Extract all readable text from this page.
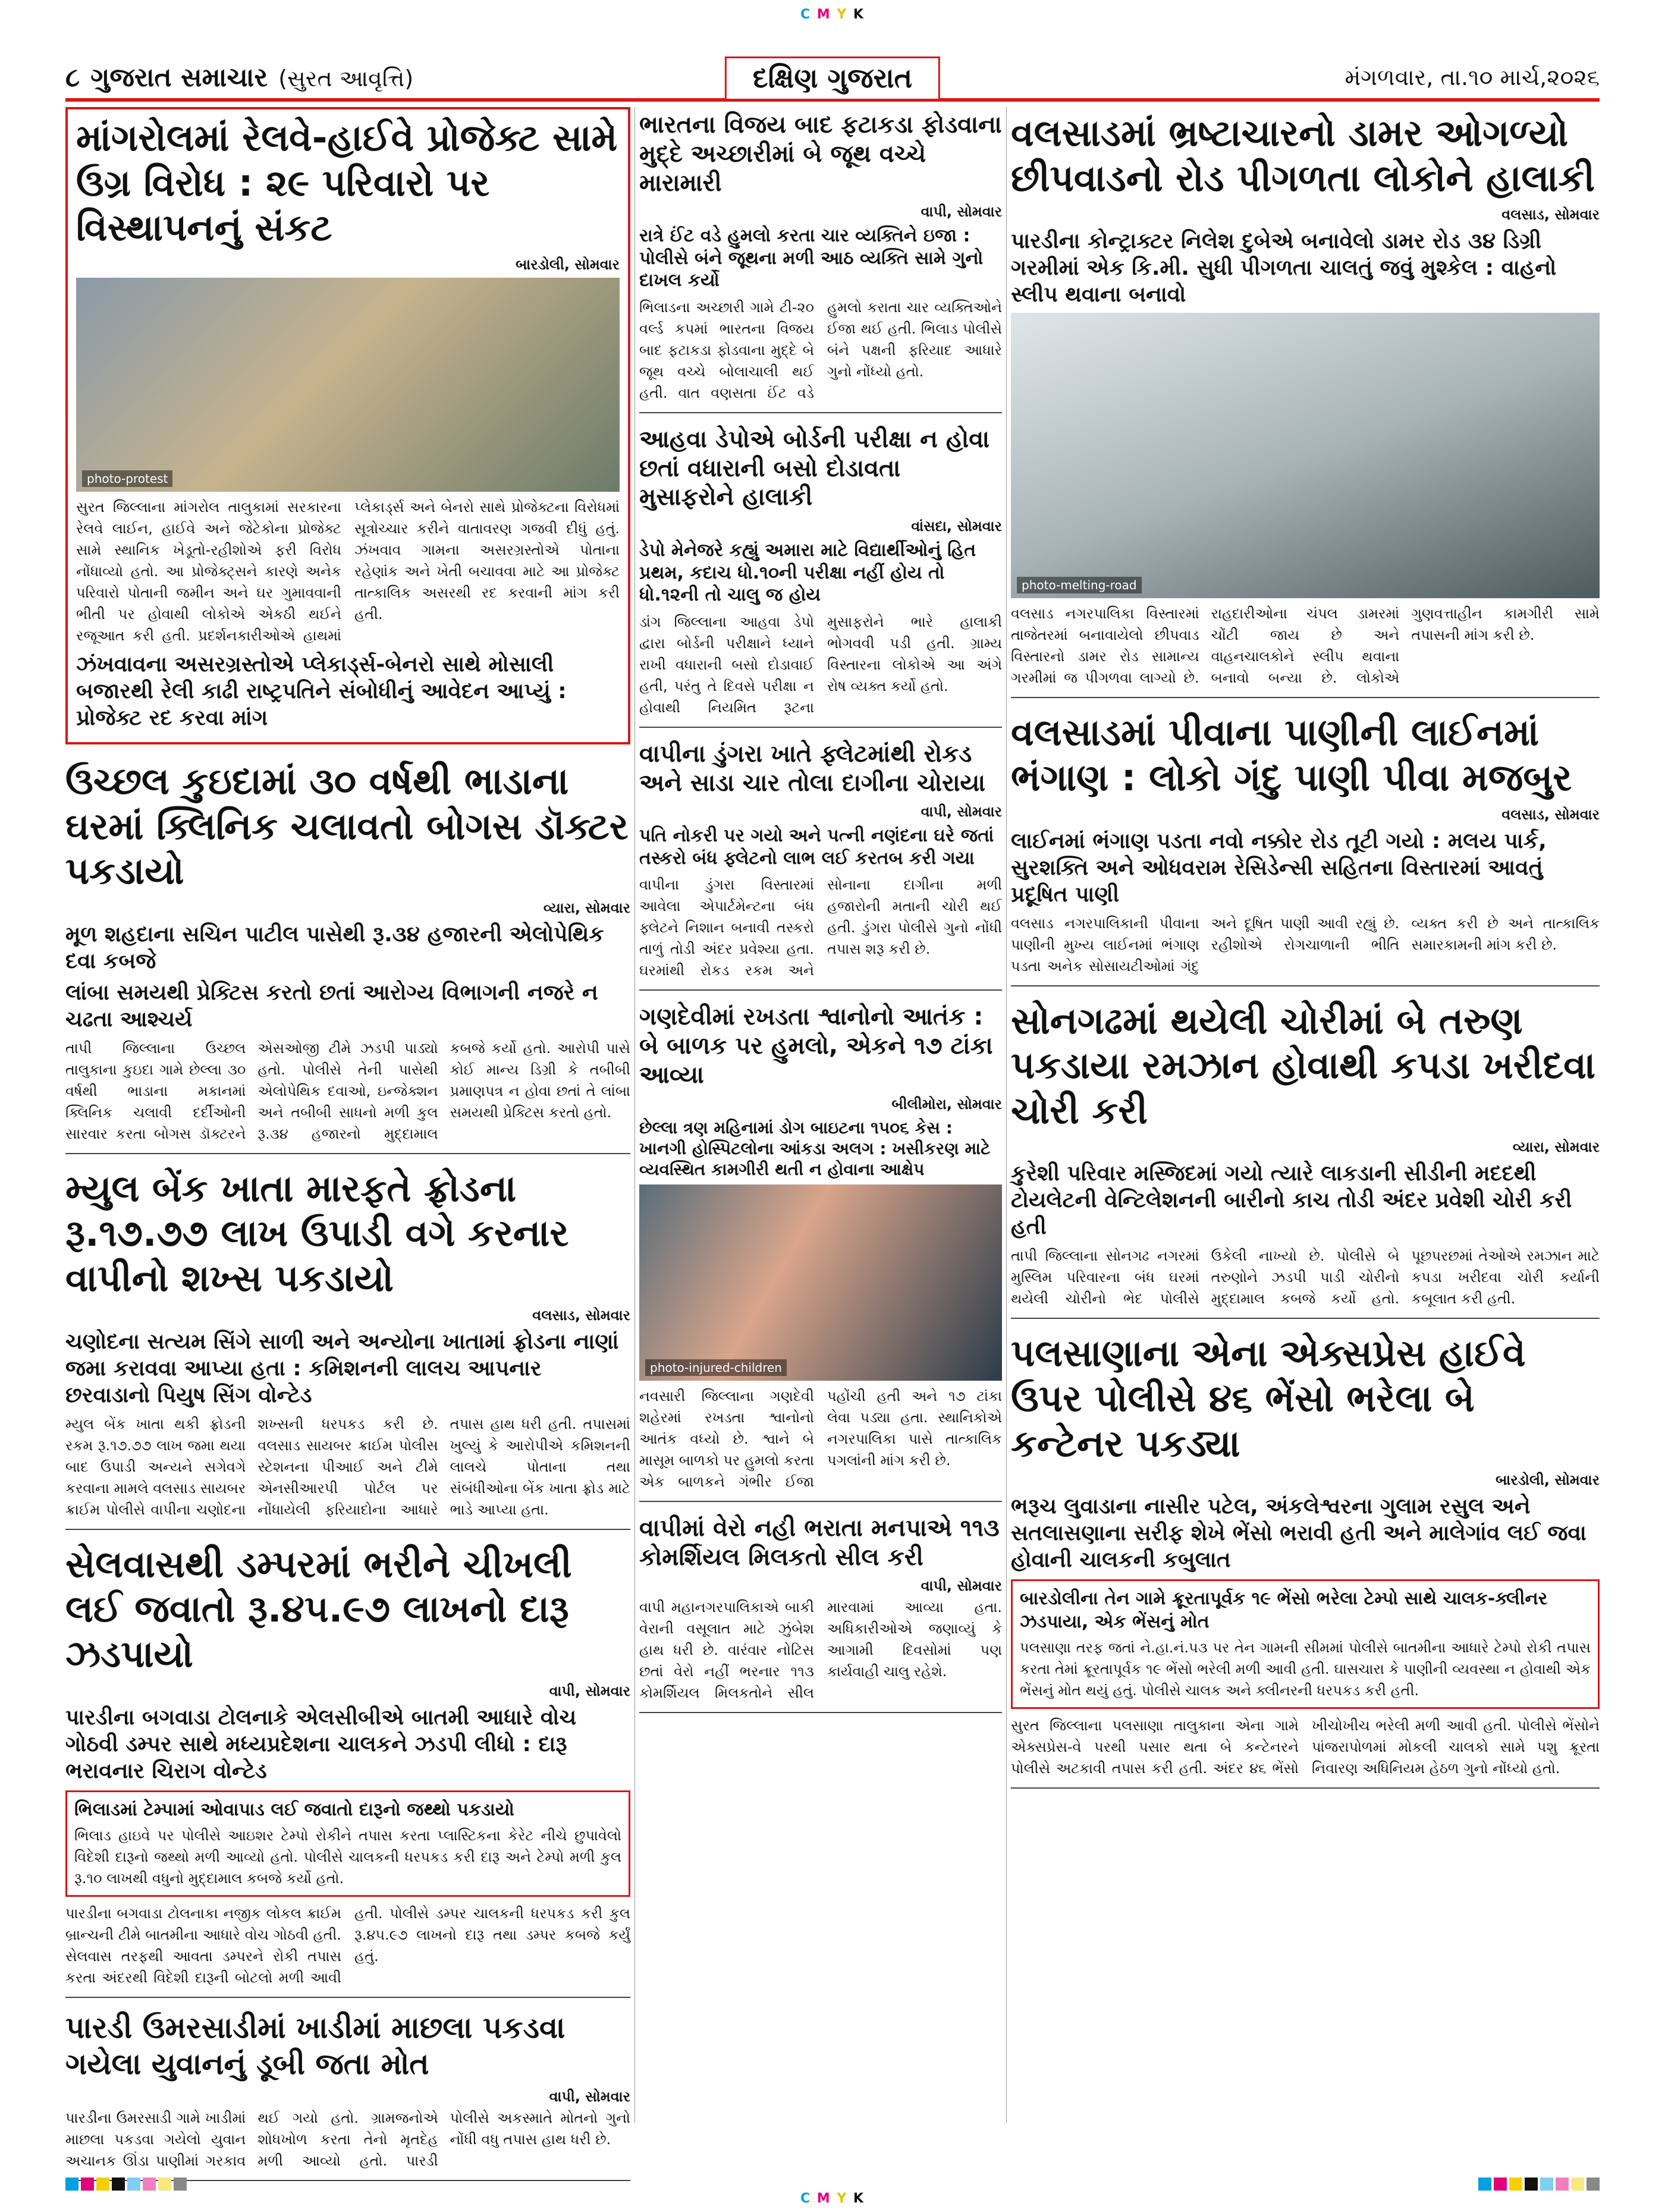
C M Y K
૮ ગુજરાત સમાચાર (સુરત આવૃત્તિ)	દક્ષિણ ગુજરાત	મંગળવાર, તા.૧૦ માર્ચ,૨૦૨૬
માંગરોલમાં રેલવે-હાઈવે પ્રોજેક્ટ સામે ઉગ્ર વિરોધ : ૨૯ પરિવારો પર વિસ્થાપનનું સંકટ
બારડોલી, સોમવાર
photo-protest
સુરત જિલ્લાના માંગરોલ તાલુકામાં સરકારના રેલવે લાઈન, હાઈવે અને જેટેકોના પ્રોજેક્ટ સામે સ્થાનિક ખેડૂતો-રહીશોએ ફરી વિરોધ નોંધાવ્યો હતો. આ પ્રોજેક્ટ્સને કારણે અનેક પરિવારો પોતાની જમીન અને ઘર ગુમાવવાની ભીતી પર હોવાથી લોકોએ એકઠી થઈને રજૂઆત કરી હતી. પ્રદર્શનકારીઓએ હાથમાં પ્લેકાર્ડ્સ અને બેનરો સાથે પ્રોજેક્ટના વિરોધમાં સૂત્રોચ્ચાર કરીને વાતાવરણ ગજવી દીધું હતું. ઝંખવાવ ગામના અસરગ્રસ્તોએ પોતાના રહેણાંક અને ખેતી બચાવવા માટે આ પ્રોજેક્ટ તાત્કાલિક અસરથી રદ કરવાની માંગ કરી હતી.
ઝંખવાવના અસરગ્રસ્તોએ પ્લેકાર્ડ્સ-બેનરો સાથે મોસાલી બજારથી રેલી કાઢી રાષ્ટ્રપતિને સંબોધીનું આવેદન આપ્યું : પ્રોજેક્ટ રદ કરવા માંગ
ઉચ્છલ કુઇદામાં ૩૦ વર્ષથી ભાડાના ઘરમાં ક્લિનિક ચલાવતો બોગસ ડૉક્ટર પકડાયો
વ્યારા, સોમવાર
મૂળ શહદાના સચિન પાટીલ પાસેથી રૂ.૩૪ હજારની એલોપેથિક દવા કબજે
લાંબા સમયથી પ્રેક્ટિસ કરતો છતાં આરોગ્ય વિભાગની નજરે ન ચઢતા આશ્ચર્ય
તાપી જિલ્લાના ઉચ્છલ તાલુકાના કુઇદા ગામે છેલ્લા ૩૦ વર્ષથી ભાડાના મકાનમાં ક્લિનિક ચલાવી દર્દીઓની સારવાર કરતા બોગસ ડૉક્ટરને એસઓજી ટીમે ઝડપી પાડ્યો હતો. પોલીસે તેની પાસેથી એલોપેથિક દવાઓ, ઇન્જેક્શન અને તબીબી સાધનો મળી કુલ રૂ.૩૪ હજારનો મુદ્દામાલ કબજે કર્યો હતો. આરોપી પાસે કોઈ માન્ય ડિગ્રી કે તબીબી પ્રમાણપત્ર ન હોવા છતાં તે લાંબા સમયથી પ્રેક્ટિસ કરતો હતો.
મ્યુલ બેંક ખાતા મારફતે ફ્રોડના રૂ.૧૭.૭૭ લાખ ઉપાડી વગે કરનાર વાપીનો શખ્સ પકડાયો
વલસાડ, સોમવાર
ચણોદના સત્યમ સિંગે સાળી અને અન્યોના ખાતામાં ફ્રોડના નાણાં જમા કરાવવા આપ્યા હતા : કમિશનની લાલચ આપનાર છરવાડાનો પિયુષ સિંગ વોન્ટેડ
મ્યુલ બેંક ખાતા થકી ફ્રોડની રકમ રૂ.૧૭.૭૭ લાખ જમા થયા બાદ ઉપાડી અન્યને સગેવગે કરવાના મામલે વલસાડ સાયબર ક્રાઈમ પોલીસે વાપીના ચણોદના શખ્સની ધરપકડ કરી છે. વલસાડ સાયબર ક્રાઈમ પોલીસ સ્ટેશનના પીઆઈ અને ટીમે એનસીઆરપી પોર્ટલ પર નોંધાયેલી ફરિયાદોના આધારે તપાસ હાથ ધરી હતી. તપાસમાં ખુલ્યું કે આરોપીએ કમિશનની લાલચે પોતાના તથા સંબંધીઓના બેંક ખાતા ફ્રોડ માટે ભાડે આપ્યા હતા.
સેલવાસથી ડમ્પરમાં ભરીને ચીખલી લઈ જવાતો રૂ.૪૫.૯૭ લાખનો દારૂ ઝડપાયો
વાપી, સોમવાર
પારડીના બગવાડા ટોલનાકે એલસીબીએ બાતમી આધારે વોચ ગોઠવી ડમ્પર સાથે મધ્યપ્રદેશના ચાલકને ઝડપી લીધો : દારૂ ભરાવનાર ચિરાગ વોન્ટેડ
ભિલાડમાં ટેમ્પામાં ઓવાપાડ લઈ જવાતો દારૂનો જથ્થો પકડાયો
ભિલાડ હાઇવે પર પોલીસે આઇશર ટેમ્પો રોકીને તપાસ કરતા પ્લાસ્ટિકના કેરેટ નીચે છુપાવેલો વિદેશી દારૂનો જથ્થો મળી આવ્યો હતો. પોલીસે ચાલકની ધરપકડ કરી દારૂ અને ટેમ્પો મળી કુલ રૂ.૧૦ લાખથી વધુનો મુદ્દામાલ કબજે કર્યો હતો.
પારડીના બગવાડા ટોલનાકા નજીક લોકલ ક્રાઈમ બ્રાન્ચની ટીમે બાતમીના આધારે વોચ ગોઠવી હતી. સેલવાસ તરફથી આવતા ડમ્પરને રોકી તપાસ કરતા અંદરથી વિદેશી દારૂની બોટલો મળી આવી હતી. પોલીસે ડમ્પર ચાલકની ધરપકડ કરી કુલ રૂ.૪૫.૯૭ લાખનો દારૂ તથા ડમ્પર કબજે કર્યું હતું.
પારડી ઉમરસાડીમાં ખાડીમાં માછલા પકડવા ગયેલા યુવાનનું ડૂબી જતા મોત
વાપી, સોમવાર
પારડીના ઉમરસાડી ગામે ખાડીમાં માછલા પકડવા ગયેલો યુવાન અચાનક ઊંડા પાણીમાં ગરકાવ થઈ ગયો હતો. ગ્રામજનોએ શોધખોળ કરતા તેનો મૃતદેહ મળી આવ્યો હતો. પારડી પોલીસે અકસ્માતે મોતનો ગુનો નોંધી વધુ તપાસ હાથ ધરી છે.
ભારતના વિજય બાદ ફટાકડા ફોડવાના મુદ્દે અચ્છારીમાં બે જૂથ વચ્ચે મારામારી
વાપી, સોમવાર
રાત્રે ઈંટ વડે હુમલો કરતા ચાર વ્યક્તિને ઇજા : પોલીસે બંને જૂથના મળી આઠ વ્યક્તિ સામે ગુનો દાખલ કર્યો
ભિલાડના અચ્છારી ગામે ટી-૨૦ વર્લ્ડ કપમાં ભારતના વિજય બાદ ફટાકડા ફોડવાના મુદ્દે બે જૂથ વચ્ચે બોલાચાલી થઈ હતી. વાત વણસતા ઈંટ વડે હુમલો કરાતા ચાર વ્યક્તિઓને ઈજા થઈ હતી. ભિલાડ પોલીસે બંને પક્ષની ફરિયાદ આધારે ગુનો નોંધ્યો હતો.
આહવા ડેપોએ બોર્ડની પરીક્ષા ન હોવા છતાં વધારાની બસો દોડાવતા મુસાફરોને હાલાકી
વાંસદા, સોમવાર
ડેપો મેનેજરે કહ્યું અમારા માટે વિદ્યાર્થીઓનું હિત પ્રથમ, કદાચ ધો.૧૦ની પરીક્ષા નહીં હોય તો ધો.૧૨ની તો ચાલુ જ હોય
ડાંગ જિલ્લાના આહવા ડેપો દ્વારા બોર્ડની પરીક્ષાને ધ્યાને રાખી વધારાની બસો દોડાવાઈ હતી, પરંતુ તે દિવસે પરીક્ષા ન હોવાથી નિયમિત રૂટના મુસાફરોને ભારે હાલાકી ભોગવવી પડી હતી. ગ્રામ્ય વિસ્તારના લોકોએ આ અંગે રોષ વ્યક્ત કર્યો હતો.
વાપીના ડુંગરા ખાતે ફ્લેટમાંથી રોકડ અને સાડા ચાર તોલા દાગીના ચોરાયા
વાપી, સોમવાર
પતિ નોકરી પર ગયો અને પત્ની નણંદના ઘરે જતાં તસ્કરો બંધ ફ્લેટનો લાભ લઈ કરતબ કરી ગયા
વાપીના ડુંગરા વિસ્તારમાં આવેલા એપાર્ટમેન્ટના બંધ ફ્લેટને નિશાન બનાવી તસ્કરો તાળું તોડી અંદર પ્રવેશ્યા હતા. ઘરમાંથી રોકડ રકમ અને સોનાના દાગીના મળી હજારોની મતાની ચોરી થઈ હતી. ડુંગરા પોલીસે ગુનો નોંધી તપાસ શરૂ કરી છે.
ગણદેવીમાં રખડતા શ્વાનોનો આતંક : બે બાળક પર હુમલો, એકને ૧૭ ટાંકા આવ્યા
બીલીમોરા, સોમવાર
છેલ્લા ત્રણ મહિનામાં ડોગ બાઇટના ૧૫૦૬ કેસ : ખાનગી હોસ્પિટલોના આંકડા અલગ : ખસીકરણ માટે વ્યવસ્થિત કામગીરી થતી ન હોવાના આક્ષેપ
photo-injured-children
નવસારી જિલ્લાના ગણદેવી શહેરમાં રખડતા શ્વાનોનો આતંક વધ્યો છે. શ્વાને બે માસૂમ બાળકો પર હુમલો કરતા એક બાળકને ગંભીર ઈજા પહોંચી હતી અને ૧૭ ટાંકા લેવા પડ્યા હતા. સ્થાનિકોએ નગરપાલિકા પાસે તાત્કાલિક પગલાંની માંગ કરી છે.
વાપીમાં વેરો નહી ભરાતા મનપાએ ૧૧૩ કોમર્શિયલ મિલકતો સીલ કરી
વાપી, સોમવાર
વાપી મહાનગરપાલિકાએ બાકી વેરાની વસૂલાત માટે ઝુંબેશ હાથ ધરી છે. વારંવાર નોટિસ છતાં વેરો નહીં ભરનાર ૧૧૩ કોમર્શિયલ મિલકતોને સીલ મારવામાં આવ્યા હતા. અધિકારીઓએ જણાવ્યું કે આગામી દિવસોમાં પણ કાર્યવાહી ચાલુ રહેશે.
વલસાડમાં ભ્રષ્ટાચારનો ડામર ઓગળ્યો છીપવાડનો રોડ પીગળતા લોકોને હાલાકી
વલસાડ, સોમવાર
પારડીના કોન્ટ્રાક્ટર નિલેશ દુબેએ બનાવેલો ડામર રોડ ૩૪ ડિગ્રી ગરમીમાં એક કિ.મી. સુધી પીગળતા ચાલતું જવું મુશ્કેલ : વાહનો સ્લીપ થવાના બનાવો
photo-melting-road
વલસાડ નગરપાલિકા વિસ્તારમાં તાજેતરમાં બનાવાયેલો છીપવાડ વિસ્તારનો ડામર રોડ સામાન્ય ગરમીમાં જ પીગળવા લાગ્યો છે. રાહદારીઓના ચંપલ ડામરમાં ચોંટી જાય છે અને વાહનચાલકોને સ્લીપ થવાના બનાવો બન્યા છે. લોકોએ ગુણવત્તાહીન કામગીરી સામે તપાસની માંગ કરી છે.
વલસાડમાં પીવાના પાણીની લાઈનમાં ભંગાણ : લોકો ગંદુ પાણી પીવા મજબુર
વલસાડ, સોમવાર
લાઈનમાં ભંગાણ પડતા નવો નક્કોર રોડ તૂટી ગયો : મલય પાર્ક, સુરશક્તિ અને ઓધવરામ રેસિડેન્સી સહિતના વિસ્તારમાં આવતું પ્રદૂષિત પાણી
વલસાડ નગરપાલિકાની પીવાના પાણીની મુખ્ય લાઈનમાં ભંગાણ પડતા અનેક સોસાયટીઓમાં ગંદુ અને દૂષિત પાણી આવી રહ્યું છે. રહીશોએ રોગચાળાની ભીતિ વ્યક્ત કરી છે અને તાત્કાલિક સમારકામની માંગ કરી છે.
સોનગઢમાં થયેલી ચોરીમાં બે તરુણ પકડાયા રમઝાન હોવાથી કપડા ખરીદવા ચોરી કરી
વ્યારા, સોમવાર
કુરેશી પરિવાર મસ્જિદમાં ગયો ત્યારે લાકડાની સીડીની મદદથી ટોયલેટની વેન્ટિલેશનની બારીનો કાચ તોડી અંદર પ્રવેશી ચોરી કરી હતી
તાપી જિલ્લાના સોનગઢ નગરમાં મુસ્લિમ પરિવારના બંધ ઘરમાં થયેલી ચોરીનો ભેદ પોલીસે ઉકેલી નાખ્યો છે. પોલીસે બે તરુણોને ઝડપી પાડી ચોરીનો મુદ્દામાલ કબજે કર્યો હતો. પૂછપરછમાં તેઓએ રમઝાન માટે કપડા ખરીદવા ચોરી કર્યાની કબૂલાત કરી હતી.
પલસાણાના એના એક્સપ્રેસ હાઈવે ઉપર પોલીસે ૪૬ ભેંસો ભરેલા બે કન્ટેનર પકડ્યા
બારડોલી, સોમવાર
ભરૂચ લુવાડાના નાસીર પટેલ, અંકલેશ્વરના ગુલામ રસુલ અને સતલાસણાના સરીફ શેખે ભેંસો ભરાવી હતી અને માલેગાંવ લઈ જવા હોવાની ચાલકની કબુલાત
બારડોલીના તેન ગામે ક્રૂરતાપૂર્વક ૧૯ ભેંસો ભરેલા ટેમ્પો સાથે ચાલક-ક્લીનર ઝડપાયા, એક ભેંસનું મોત
પલસાણા તરફ જતાં ને.હા.નં.પ૩ પર તેન ગામની સીમમાં પોલીસે બાતમીના આધારે ટેમ્પો રોકી તપાસ કરતા તેમાં ક્રૂરતાપૂર્વક ૧૯ ભેંસો ભરેલી મળી આવી હતી. ઘાસચારા કે પાણીની વ્યવસ્થા ન હોવાથી એક ભેંસનું મોત થયું હતું. પોલીસે ચાલક અને ક્લીનરની ધરપકડ કરી હતી.
સુરત જિલ્લાના પલસાણા તાલુકાના એના ગામે એક્સપ્રેસ-વે પરથી પસાર થતા બે કન્ટેનરને પોલીસે અટકાવી તપાસ કરી હતી. અંદર ૪૬ ભેંસો ખીચોખીચ ભરેલી મળી આવી હતી. પોલીસે ભેંસોને પાંજરાપોળમાં મોકલી ચાલકો સામે પશુ ક્રૂરતા નિવારણ અધિનિયમ હેઠળ ગુનો નોંધ્યો હતો.
C M Y K
